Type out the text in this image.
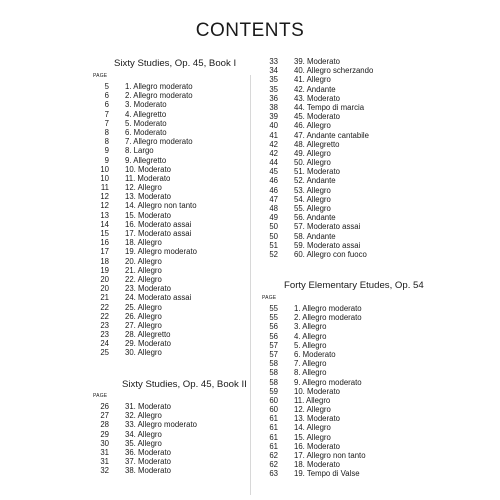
CONTENTS
Sixty Studies, Op. 45, Book I
PAGE
5 1. Allegro moderato
6 2. Allegro moderato
6 3. Moderato
7 4. Allegretto
7 5. Moderato
8 6. Moderato
8 7. Allegro moderato
9 8. Largo
9 9. Allegretto
10 10. Moderato
10 11. Moderato
11 12. Allegro
12 13. Moderato
12 14. Allegro non tanto
13 15. Moderato
14 16. Moderato assai
15 17. Moderato assai
16 18. Allegro
17 19. Allegro moderato
18 20. Allegro
19 21. Allegro
20 22. Allegro
20 23. Moderato
21 24. Moderato assai
22 25. Allegro
22 26. Allegro
23 27. Allegro
23 28. Allegretto
24 29. Moderato
25 30. Allegro
Sixty Studies, Op. 45, Book II
PAGE
26 31. Moderato
27 32. Allegro
28 33. Allegro moderato
29 34. Allegro
30 35. Allegro
31 36. Moderato
31 37. Moderato
32 38. Moderato
33 39. Moderato
34 40. Allegro scherzando
35 41. Allegro
35 42. Andante
36 43. Moderato
38 44. Tempo di marcia
39 45. Moderato
40 46. Allegro
41 47. Andante cantabile
42 48. Allegretto
42 49. Allegro
44 50. Allegro
45 51. Moderato
46 52. Andante
46 53. Allegro
47 54. Allegro
48 55. Allegro
49 56. Andante
50 57. Moderato assai
50 58. Andante
51 59. Moderato assai
52 60. Allegro con fuoco
Forty Elementary Etudes, Op. 54
PAGE
55 1. Allegro moderato
55 2. Allegro moderato
56 3. Allegro
56 4. Allegro
57 5. Allegro
57 6. Moderato
58 7. Allegro
58 8. Allegro
58 9. Allegro moderato
59 10. Moderato
60 11. Allegro
60 12. Allegro
61 13. Moderato
61 14. Allegro
61 15. Allegro
61 16. Moderato
62 17. Allegro non tanto
62 18. Moderato
63 19. Tempo di Valse
